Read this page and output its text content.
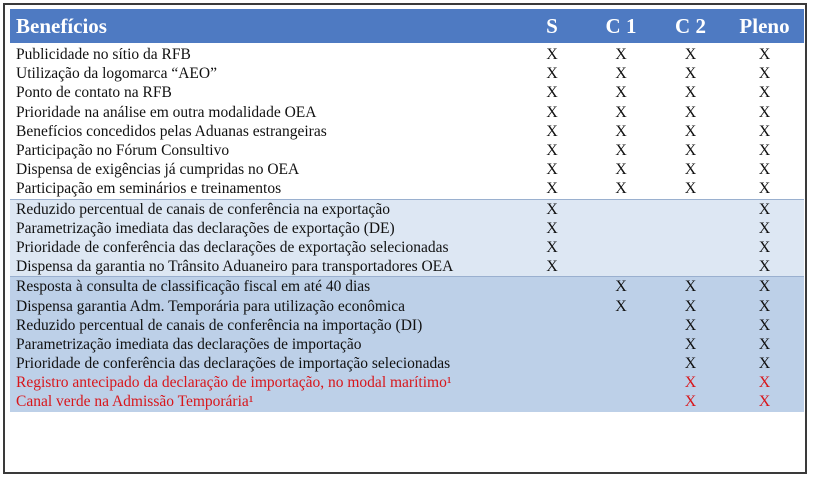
Benefícios	S	C 1	C 2	Pleno
Publicidade no sítio da RFB	X	X	X	X
Utilização da logomarca “AEO”	X	X	X	X
Ponto de contato na RFB	X	X	X	X
Prioridade na análise em outra modalidade OEA	X	X	X	X
Benefícios concedidos pelas Aduanas estrangeiras	X	X	X	X
Participação no Fórum Consultivo	X	X	X	X
Dispensa de exigências já cumpridas no OEA	X	X	X	X
Participação em seminários e treinamentos	X	X	X	X
Reduzido percentual de canais de conferência na exportação	X			X
Parametrização imediata das declarações de exportação (DE)	X			X
Prioridade de conferência das declarações de exportação selecionadas	X			X
Dispensa da garantia no Trânsito Aduaneiro para transportadores OEA	X			X
Resposta à consulta de classificação fiscal em até 40 dias		X	X	X
Dispensa garantia Adm. Temporária para utilização econômica		X	X	X
Reduzido percentual de canais de conferência na importação (DI)			X	X
Parametrização imediata das declarações de importação			X	X
Prioridade de conferência das declarações de importação selecionadas			X	X
Registro antecipado da declaração de importação, no modal marítimo¹			X	X
Canal verde na Admissão Temporária¹			X	X
